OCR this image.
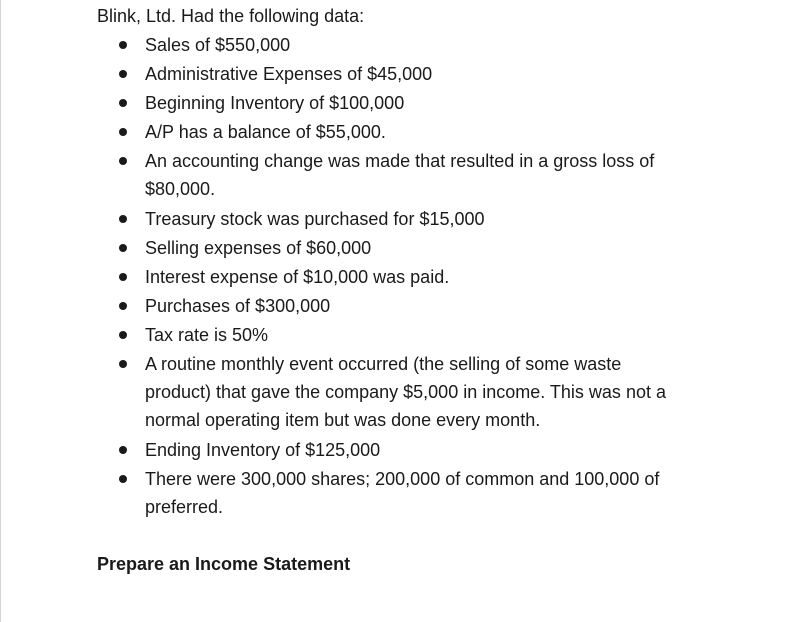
Blink, Ltd. Had the following data:
Sales of $550,000
Administrative Expenses of $45,000
Beginning Inventory of $100,000
A/P has a balance of $55,000.
An accounting change was made that resulted in a gross loss of
$80,000.
Treasury stock was purchased for $15,000
Selling expenses of $60,000
Interest expense of $10,000 was paid.
Purchases of $300,000
Tax rate is 50%
A routine monthly event occurred (the selling of some waste
product) that gave the company $5,000 in income. This was not a
normal operating item but was done every month.
Ending Inventory of $125,000
There were 300,000 shares; 200,000 of common and 100,000 of
preferred.
Prepare an Income Statement
